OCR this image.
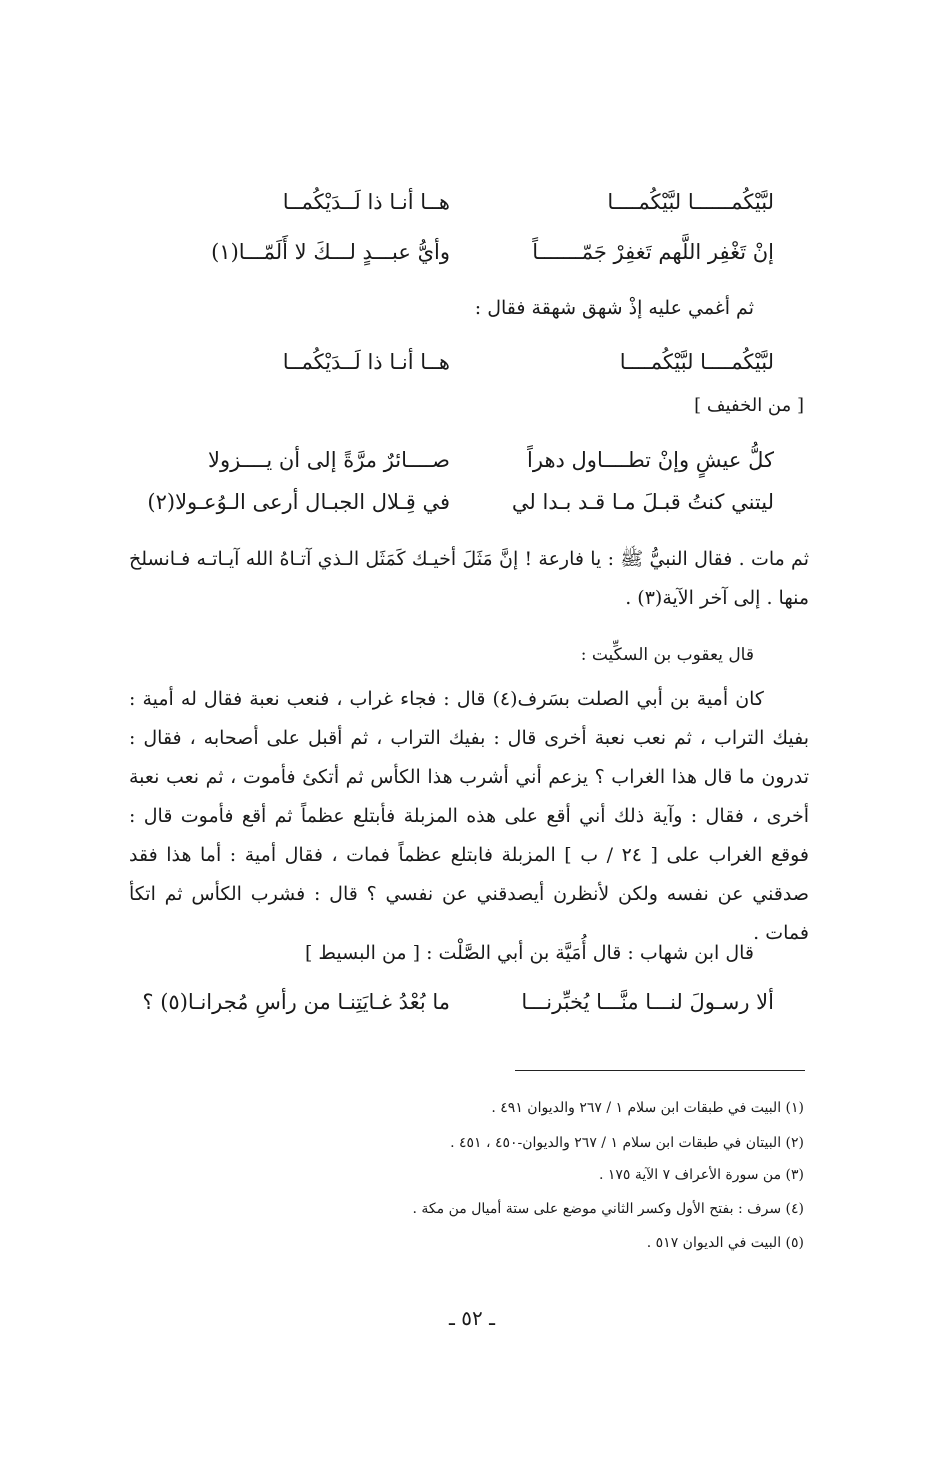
لبَّيْكُمــــــا لبَّيْكُمــــا
هــا أنـا ذا لَــدَيْكُمــا
إنْ تَغْفِر اللَّهم تَغفِرْ جَمّـــــــاً
وأيُّ عبـــدٍ لـــكَ لا أَلَمّـــا(١)
ثم أغمي عليه إذْ شهق شهقة فقال :
لبَّيْكُمــــا لبَّيْكُمــــا
هــا أنـا ذا لَــدَيْكُمــا
[ من الخفيف ]
كلُّ عيشٍ وإنْ تطــــاول دهراً
صــــائرٌ مرَّةً إلى أن يــــزولا
ليتني كنتُ قبـلَ مـا قـد بـدا لي
في قِـلال الجبـال أرعى الـوُعـولا(٢)
ثم مات . فقال النبيُّ ﷺ : يا فارعة ! إنَّ مَثَلَ أخيـك كَمَثَل الـذي آتـاهُ الله آيـاتـه فـانسلخ منها . إلى آخر الآية(٣) .
قال يعقوب بن السكِّيت :
كان أمية بن أبي الصلت بسَرف(٤) قال : فجاء غراب ، فنعب نعبة فقال له أمية : بفيك التراب ، ثم نعب نعبة أخرى قال : بفيك التراب ، ثم أقبل على أصحابه ، فقال : تدرون ما قال هذا الغراب ؟ يزعم أني أشرب هذا الكأس ثم أتكئ فأموت ، ثم نعب نعبة أخرى ، فقال : وآية ذلك أني أقع على هذه المزبلة فأبتلع عظماً ثم أقع فأموت قال : فوقع الغراب على [ ٢٤ / ب ] المزبلة فابتلع عظماً فمات ، فقال أمية : أما هذا فقد صدقني عن نفسه ولكن لأنظرن أيصدقني عن نفسي ؟ قال : فشرب الكأس ثم اتكأ فمات .
قال ابن شهاب : قال أُمَيَّة بن أبي الصَّلْت : [ من البسيط ]
ألا رسـولَ لنـــا منَّـــا يُخبِّرنـــا
ما بُعْدُ غـايَتِنـا من رأسِ مُجرانـا(٥) ؟
(١) البيت في طبقات ابن سلام ١ / ٢٦٧ والديوان ٤٩١ .
(٢) البيتان في طبقات ابن سلام ١ / ٢٦٧ والديوان-٤٥٠ ، ٤٥١ .
(٣) من سورة الأعراف ٧ الآية ١٧٥ .
(٤) سرف : بفتح الأول وكسر الثاني موضع على ستة أميال من مكة .
(٥) البيت في الديوان ٥١٧ .
ـ ٥٢ ـ
